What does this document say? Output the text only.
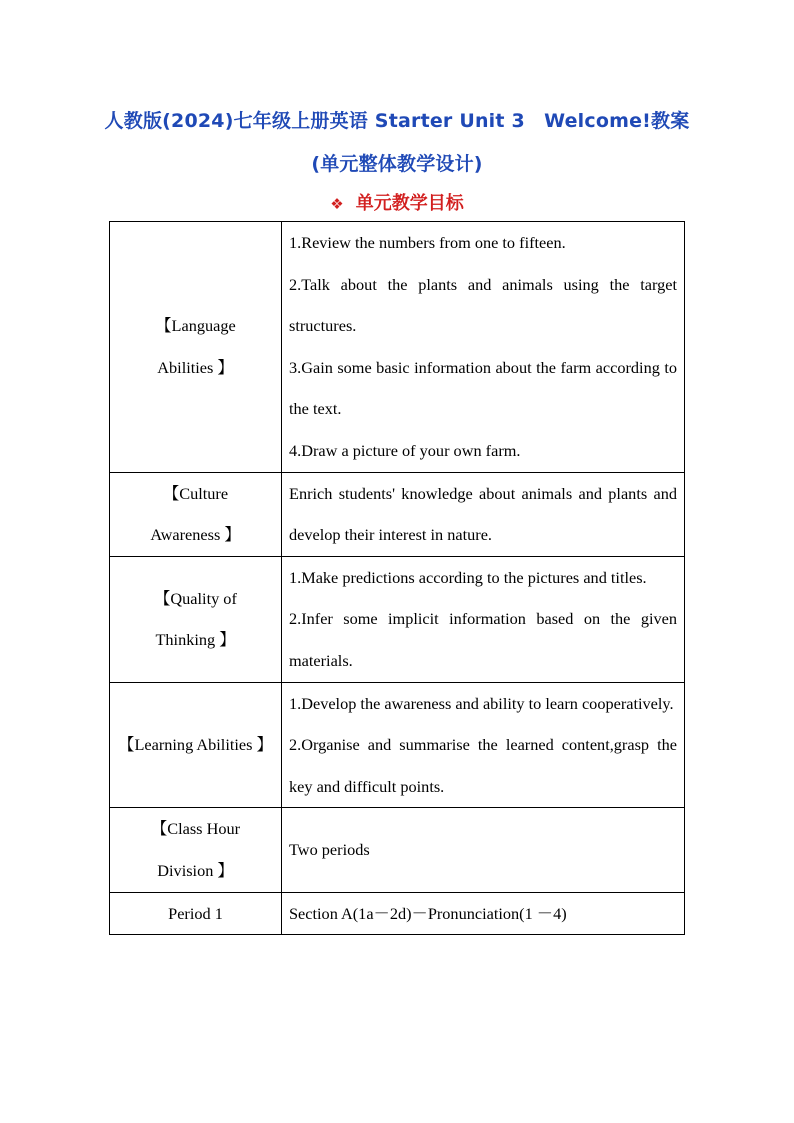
人教版(2024)七年级上册英语 Starter Unit 3　Welcome!教案
(单元整体教学设计)
❖ 单元教学目标
【Language
Abilities 】	1.Review the numbers from one to fifteen.
2.Talk about the plants and animals using the target structures.
3.Gain some basic information about the farm according to the text.
4.Draw a picture of your own farm.

【Culture
Awareness 】	Enrich students' knowledge about animals and plants and develop their interest in nature.

【Quality of
Thinking 】	1.Make predictions according to the pictures and titles.
2.Infer some implicit information based on the given materials.

【Learning Abilities 】	1.Develop the awareness and ability to learn cooperatively.
2.Organise and summarise the learned content,grasp the key and difficult points.

【Class Hour
Division 】	Two periods

Period 1	Section A(1a－2d)－Pronunciation(1 －4)
